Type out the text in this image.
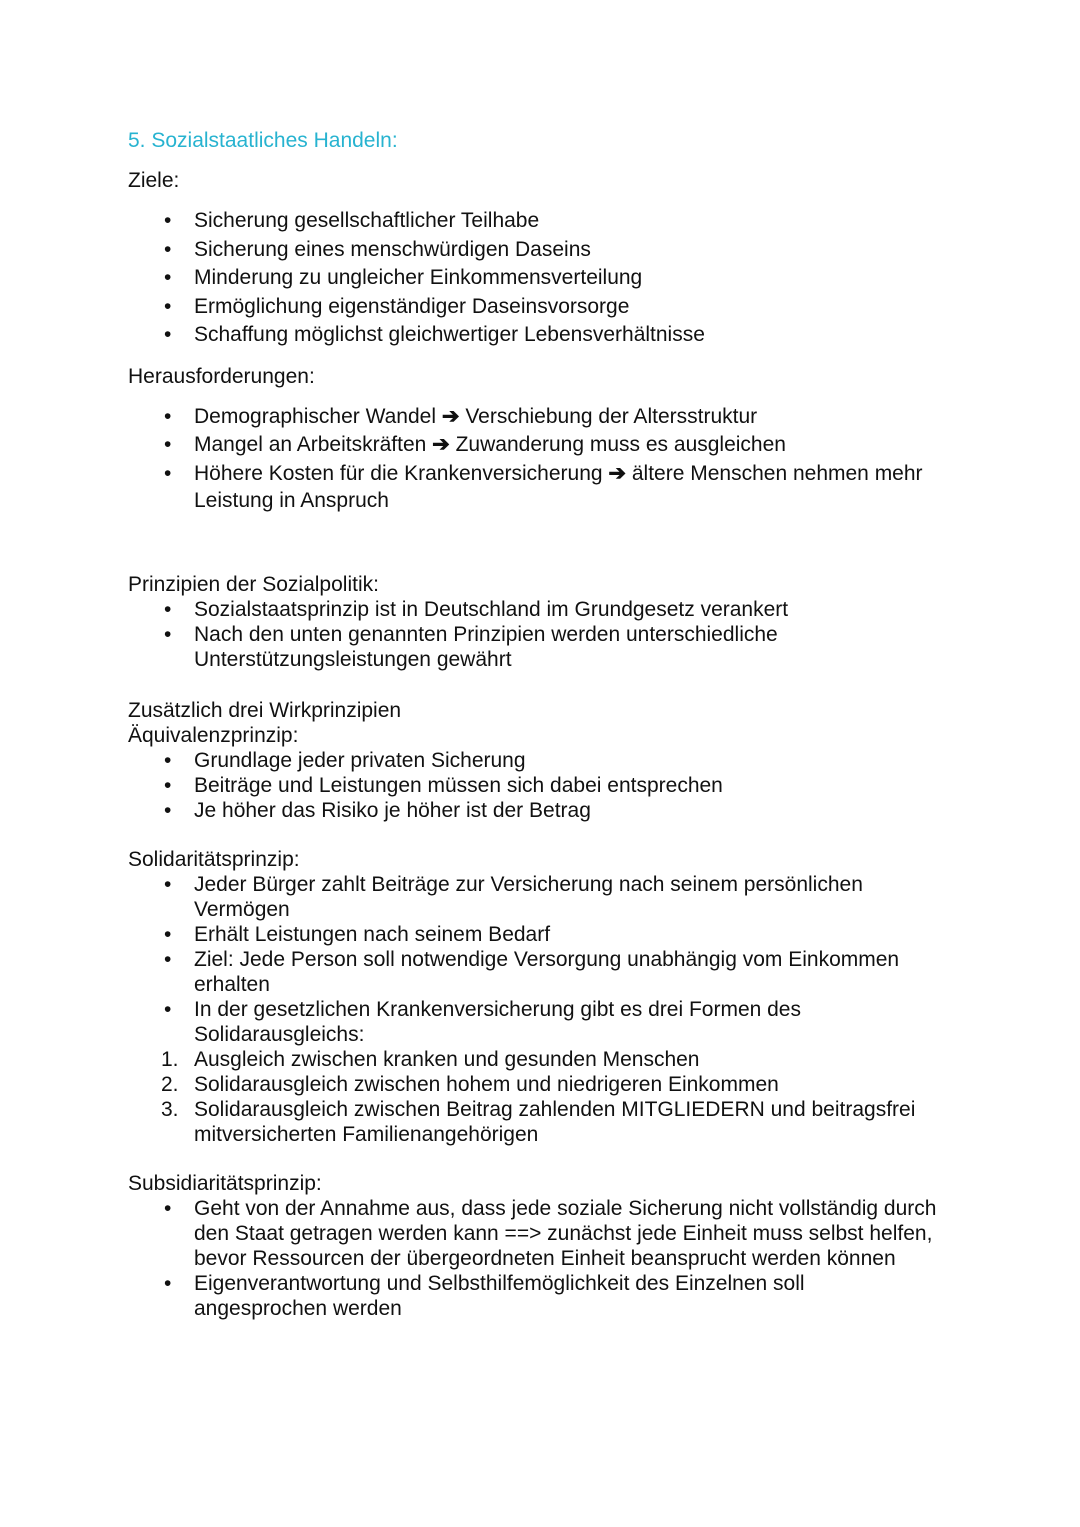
5. Sozialstaatliches Handeln:
Ziele:
• Sicherung gesellschaftlicher Teilhabe
• Sicherung eines menschwürdigen Daseins
• Minderung zu ungleicher Einkommensverteilung
• Ermöglichung eigenständiger Daseinsvorsorge
• Schaffung möglichst gleichwertiger Lebensverhältnisse
Herausforderungen:
• Demographischer Wandel ➔ Verschiebung der Altersstruktur
• Mangel an Arbeitskräften ➔ Zuwanderung muss es ausgleichen
• Höhere Kosten für die Krankenversicherung ➔ ältere Menschen nehmen mehr Leistung in Anspruch
Prinzipien der Sozialpolitik:
• Sozialstaatsprinzip ist in Deutschland im Grundgesetz verankert
• Nach den unten genannten Prinzipien werden unterschiedliche Unterstützungsleistungen gewährt
Zusätzlich drei Wirkprinzipien
Äquivalenzprinzip:
• Grundlage jeder privaten Sicherung
• Beiträge und Leistungen müssen sich dabei entsprechen
• Je höher das Risiko je höher ist der Betrag
Solidaritätsprinzip:
• Jeder Bürger zahlt Beiträge zur Versicherung nach seinem persönlichen Vermögen
• Erhält Leistungen nach seinem Bedarf
• Ziel: Jede Person soll notwendige Versorgung unabhängig vom Einkommen erhalten
• In der gesetzlichen Krankenversicherung gibt es drei Formen des Solidarausgleichs:
1. Ausgleich zwischen kranken und gesunden Menschen
2. Solidarausgleich zwischen hohem und niedrigeren Einkommen
3. Solidarausgleich zwischen Beitrag zahlenden MITGLIEDERN und beitragsfrei mitversicherten Familienangehörigen
Subsidiaritätsprinzip:
• Geht von der Annahme aus, dass jede soziale Sicherung nicht vollständig durch den Staat getragen werden kann ==> zunächst jede Einheit muss selbst helfen, bevor Ressourcen der übergeordneten Einheit beansprucht werden können
• Eigenverantwortung und Selbsthilfemöglichkeit des Einzelnen soll angesprochen werden
